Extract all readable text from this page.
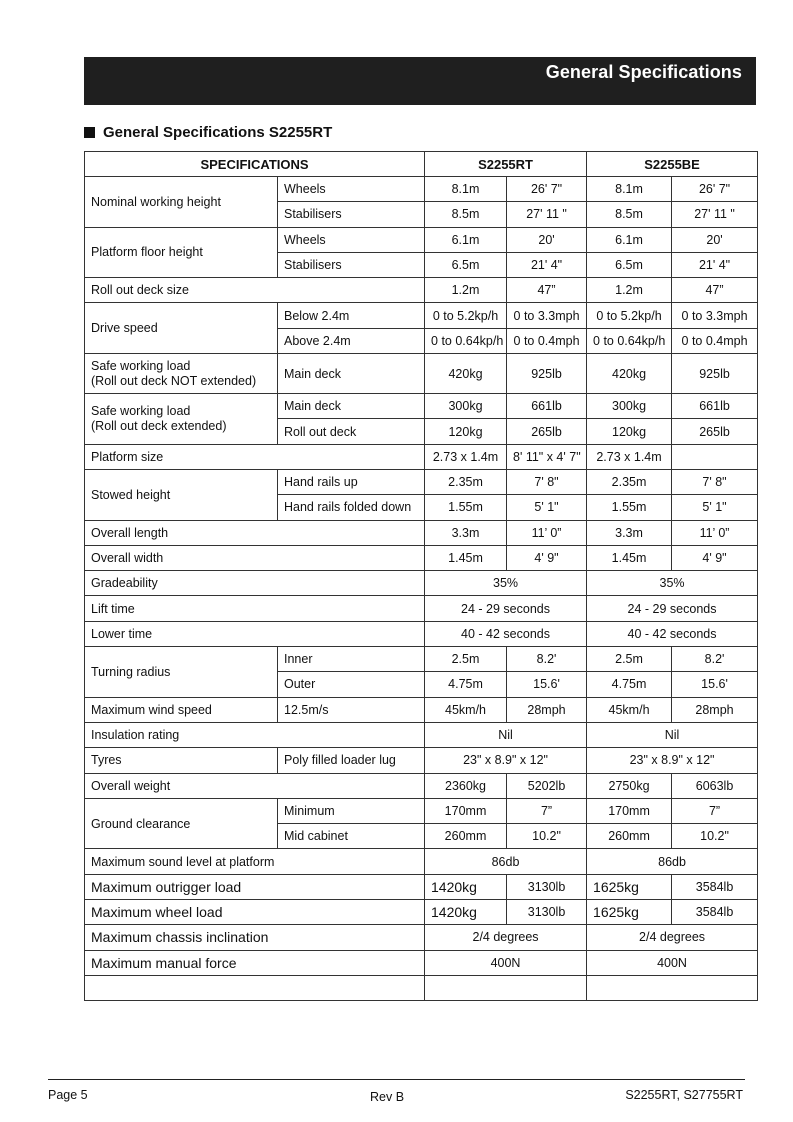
General Specifications
General Specifications S2255RT
SPECIFICATIONS		S2255RT		S2255BE	
Nominal working height	Wheels	8.1m	26' 7"	8.1m	26' 7"
	Stabilisers	8.5m	27' 11 "	8.5m	27' 11 "
Platform floor height	Wheels	6.1m	20'	6.1m	20'
	Stabilisers	6.5m	21' 4"	6.5m	21' 4"
Roll out deck size		1.2m	47”	1.2m	47”
Drive speed	Below 2.4m	0 to 5.2kp/h	0 to 3.3mph	0 to 5.2kp/h	0 to 3.3mph
	Above 2.4m	0 to 0.64kp/h	0 to 0.4mph	0 to 0.64kp/h	0 to 0.4mph
Safe working load
(Roll out deck NOT extended)	Main deck	420kg	925lb	420kg	925lb
Safe working load
(Roll out deck extended)	Main deck	300kg	661lb	300kg	661lb
	Roll out deck	120kg	265lb	120kg	265lb
Platform size		2.73 x 1.4m	8' 11" x 4' 7"	2.73 x 1.4m	
Stowed height	Hand rails up	2.35m	7' 8"	2.35m	7' 8"
	Hand rails folded down	1.55m	5' 1"	1.55m	5' 1"
Overall length		3.3m	11’ 0”	3.3m	11’ 0”
Overall width		1.45m	4' 9"	1.45m	4' 9"
Gradeability		35%		35%	
Lift time		24 - 29 seconds		24 - 29 seconds	
Lower time		40 - 42 seconds		40 - 42 seconds	
Turning radius	Inner	2.5m	8.2'	2.5m	8.2'
	Outer	4.75m	15.6'	4.75m	15.6'
Maximum wind speed	12.5m/s	45km/h	28mph	45km/h	28mph
Insulation rating		Nil		Nil	
Tyres	Poly filled loader lug	23" x 8.9" x 12"		23" x 8.9" x 12"	
Overall weight		2360kg	5202lb	2750kg	6063lb
Ground clearance	Minimum	170mm	7”	170mm	7”
	Mid cabinet	260mm	10.2"	260mm	10.2"
Maximum sound level at platform		86db		86db	
Maximum outrigger load		1420kg	3130lb	1625kg	3584lb
Maximum wheel load		1420kg	3130lb	1625kg	3584lb
Maximum chassis inclination		2/4 degrees		2/4 degrees	
Maximum manual force		400N		400N	

Page 5	Rev B	S2255RT, S27755RT
